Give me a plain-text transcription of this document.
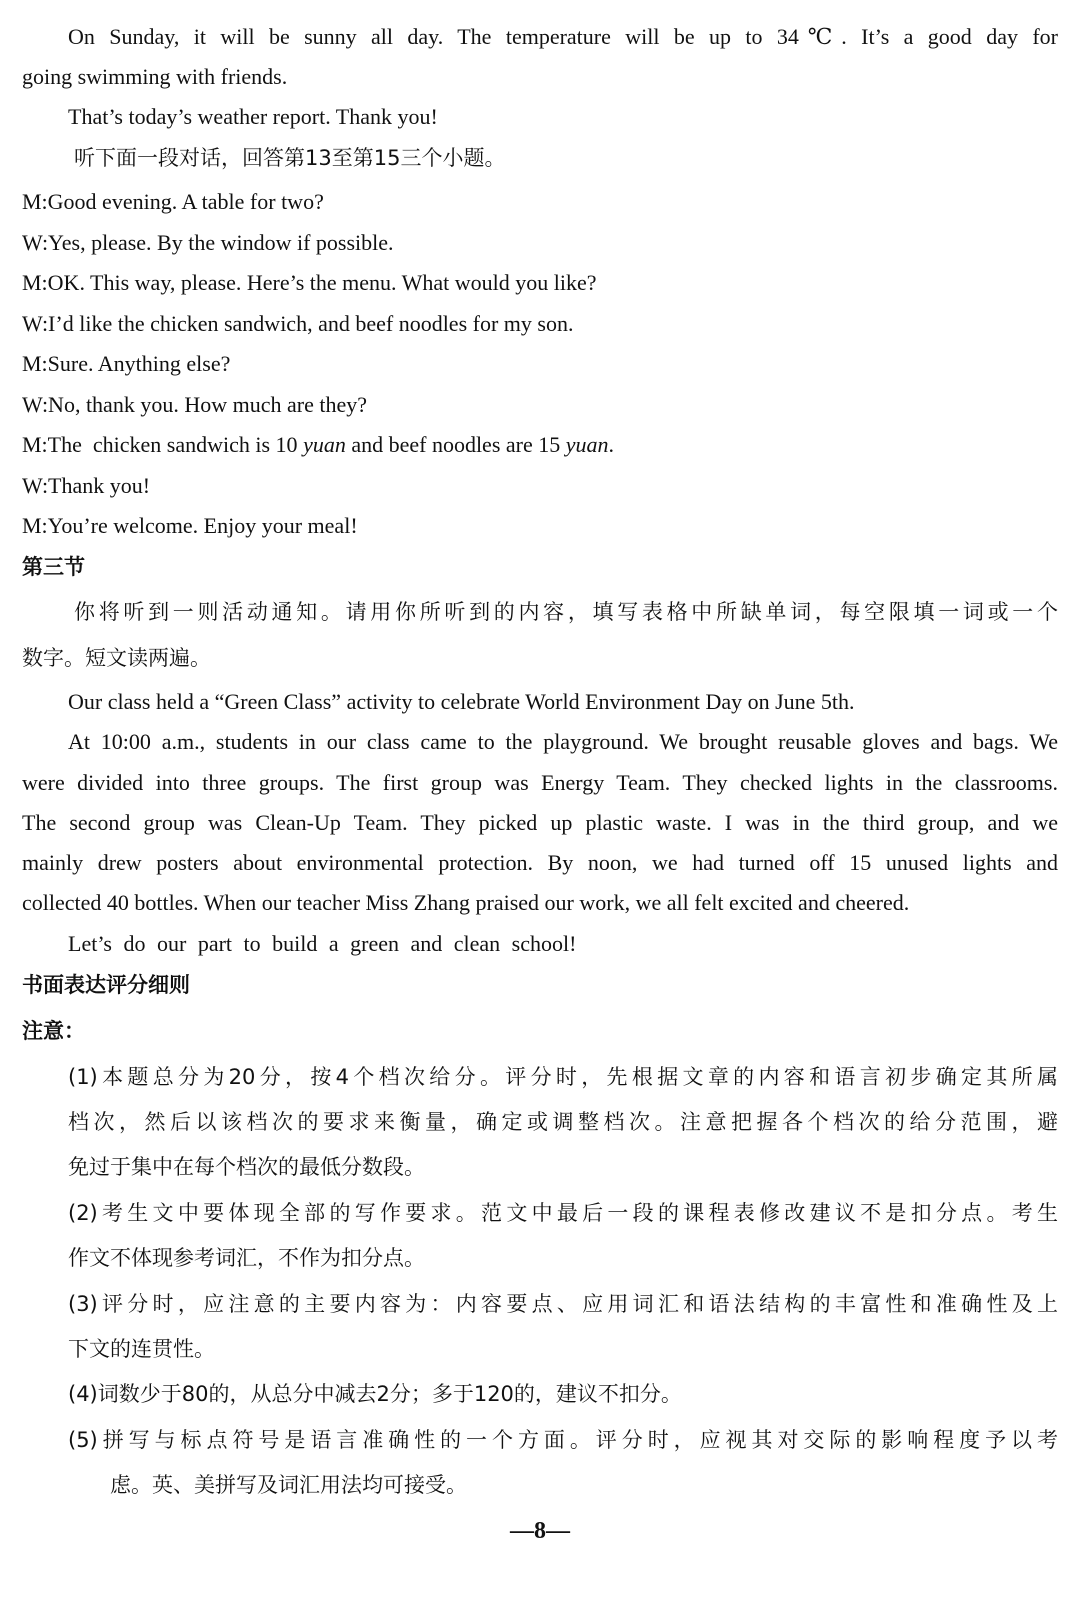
On Sunday, it will be sunny all day. The temperature will be up to 34℃. It’s a good day for
going swimming with friends.
That’s today’s weather report. Thank you!
听下面一段对话，回答第13至第15三个小题。
M:Good evening. A table for two?
W:Yes, please. By the window if possible.
M:OK. This way, please. Here’s the menu. What would you like?
W:I’d like the chicken sandwich, and beef noodles for my son.
M:Sure. Anything else?
W:No, thank you. How much are they?
M:The  chicken sandwich is 10 yuan and beef noodles are 15 yuan.
W:Thank you!
M:You’re welcome. Enjoy your meal!
第三节
你将听到一则活动通知。请用你所听到的内容，填写表格中所缺单词，每空限填一词或一个
数字。短文读两遍。
Our class held a “Green Class” activity to celebrate World Environment Day on June 5th.
At 10:00 a.m., students in our class came to the playground. We brought reusable gloves and bags. We
were divided into three groups. The first group was Energy Team. They checked lights in the classrooms.
The second group was Clean-Up Team. They picked up plastic waste. I was in the third group, and we
mainly drew posters about environmental protection. By noon, we had turned off 15 unused lights and
collected 40 bottles. When our teacher Miss Zhang praised our work, we all felt excited and cheered.
Let’s do our part to build a green and clean school!
书面表达评分细则
注意：
(1)本题总分为20分，按4个档次给分。评分时，先根据文章的内容和语言初步确定其所属
档次，然后以该档次的要求来衡量，确定或调整档次。注意把握各个档次的给分范围，避
免过于集中在每个档次的最低分数段。
(2)考生文中要体现全部的写作要求。范文中最后一段的课程表修改建议不是扣分点。考生
作文不体现参考词汇，不作为扣分点。
(3)评分时，应注意的主要内容为：内容要点、应用词汇和语法结构的丰富性和准确性及上
下文的连贯性。
(4)词数少于80的，从总分中减去2分；多于120的，建议不扣分。
(5)拼写与标点符号是语言准确性的一个方面。评分时，应视其对交际的影响程度予以考
虑。英、美拼写及词汇用法均可接受。
—8—
